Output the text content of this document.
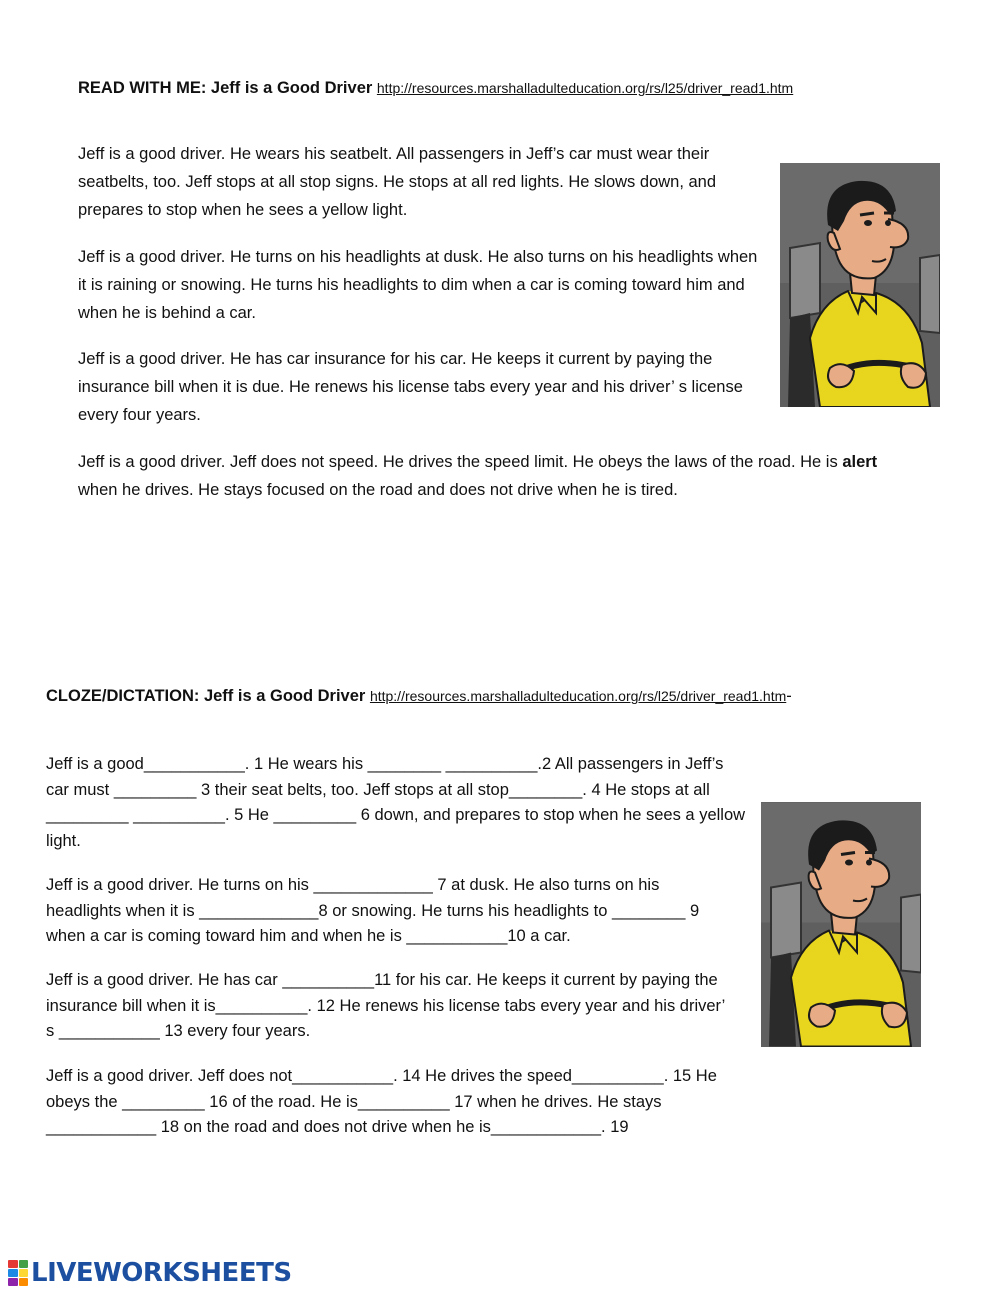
READ WITH ME: Jeff is a Good Driver http://resources.marshalladulteducation.org/rs/l25/driver_read1.htm

Jeff is a good driver. He wears his seatbelt. All passengers in Jeff’s car must wear their seatbelts, too. Jeff stops at all stop signs. He stops at all red lights. He slows down, and prepares to stop when he sees a yellow light.

Jeff is a good driver. He turns on his headlights at dusk. He also turns on his headlights when it is raining or snowing. He turns his headlights to dim when a car is coming toward him and when he is behind a car.

Jeff is a good driver. He has car insurance for his car. He keeps it current by paying the insurance bill when it is due. He renews his license tabs every year and his driver’ s license every four years.

Jeff is a good driver. Jeff does not speed. He drives the speed limit. He obeys the laws of the road. He is alert when he drives. He stays focused on the road and does not drive when he is tired.

CLOZE/DICTATION: Jeff is a Good Driver http://resources.marshalladulteducation.org/rs/l25/driver_read1.htm-

Jeff is a good___________. 1 He wears his ________ __________.2 All passengers in Jeff’s car must _________ 3 their seat belts, too. Jeff stops at all stop________. 4 He stops at all _________ __________. 5 He _________ 6 down, and prepares to stop when he sees a yellow light.

Jeff is a good driver. He turns on his _____________ 7 at dusk. He also turns on his headlights when it is _____________8 or snowing. He turns his headlights to ________ 9 when a car is coming toward him and when he is ___________10 a car.

Jeff is a good driver. He has car __________11 for his car. He keeps it current by paying the insurance bill when it is__________. 12 He renews his license tabs every year and his driver’ s ___________ 13 every four years.

Jeff is a good driver. Jeff does not___________. 14 He drives the speed__________. 15 He obeys the _________ 16 of the road. He is__________ 17 when he drives. He stays ____________ 18 on the road and does not drive when he is____________. 19

LIVEWORKSHEETS
